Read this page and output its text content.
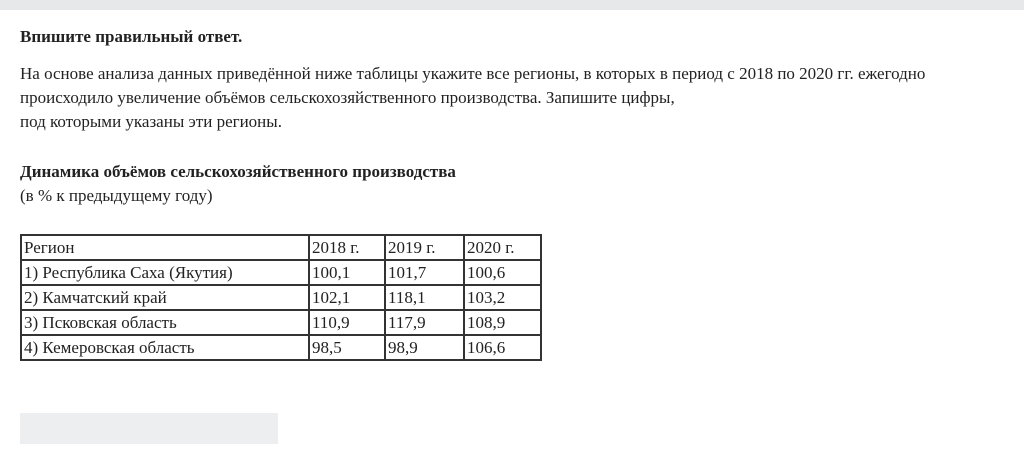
Впишите правильный ответ.
На основе анализа данных приведённой ниже таблицы укажите все регионы, в которых в период с 2018 по 2020 гг. ежегодно
происходило увеличение объёмов сельскохозяйственного производства. Запишите цифры,
под которыми указаны эти регионы.
Динамика объёмов сельскохозяйственного производства
(в % к предыдущему году)
Регион	2018 г.	2019 г.	2020 г.
1) Республика Саха (Якутия)	100,1	101,7	100,6
2) Камчатский край	102,1	118,1	103,2
3) Псковская область	110,9	117,9	108,9
4) Кемеровская область	98,5	98,9	106,6
